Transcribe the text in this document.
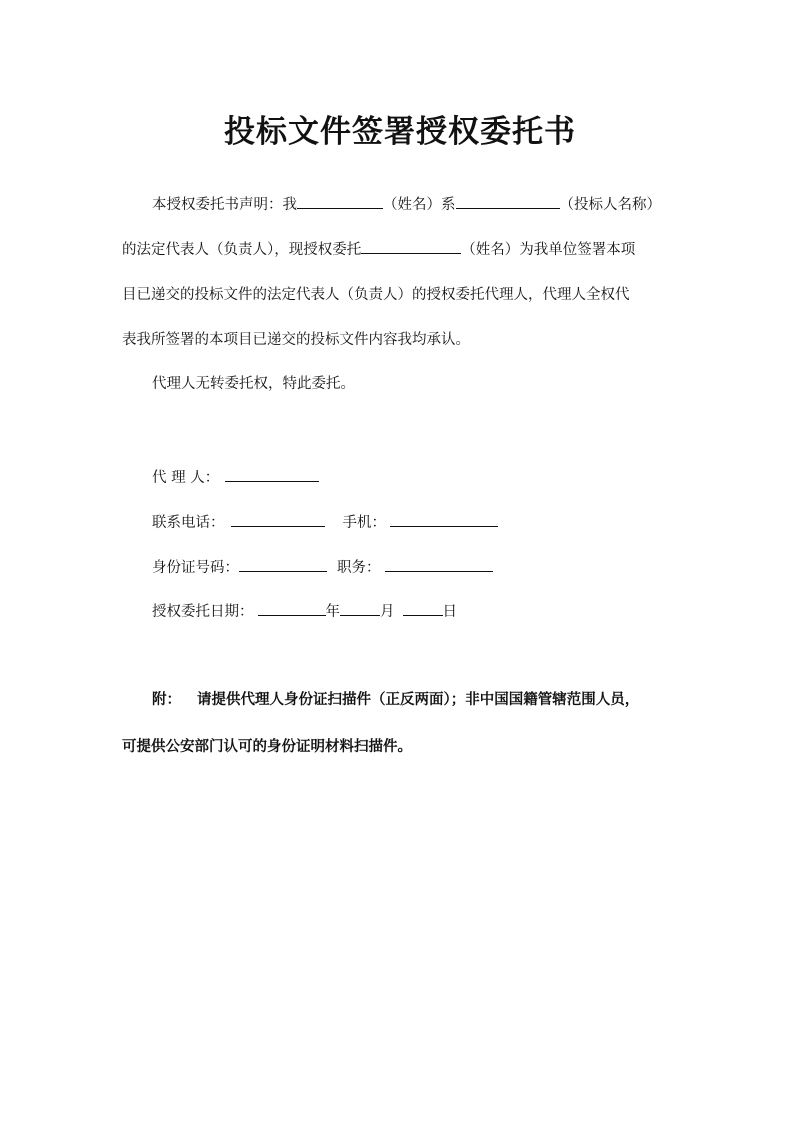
投标文件签署授权委托书
本授权委托书声明：我	（姓名）系	（投标人名称）
的法定代表人（负责人），现授权委托	（姓名）为我单位签署本项
目已递交的投标文件的法定代表人（负责人）的授权委托代理人，代理人全权代
表我所签署的本项目已递交的投标文件内容我均承认。
代理人无转委托权，特此委托。
代 理 人：
联系电话：	手机：
身份证号码：	职务：
授权委托日期：	年	月	日
附： 请提供代理人身份证扫描件（正反两面）；非中国国籍管辖范围人员，
可提供公安部门认可的身份证明材料扫描件。
